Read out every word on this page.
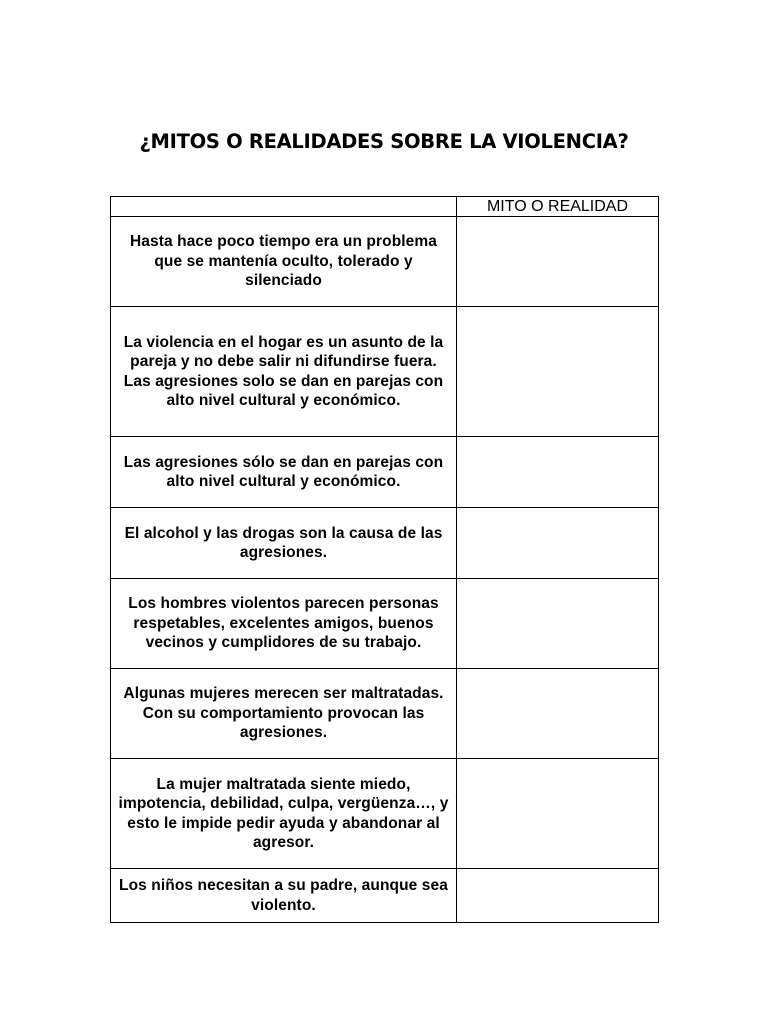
¿MITOS O REALIDADES SOBRE LA VIOLENCIA?
	MITO O REALIDAD
Hasta hace poco tiempo era un problema que se mantenía oculto, tolerado y silenciado	
La violencia en el hogar es un asunto de la pareja y no debe salir ni difundirse fuera. Las agresiones solo se dan en parejas con alto nivel cultural y económico.	
Las agresiones sólo se dan en parejas con alto nivel cultural y económico.	
El alcohol y las drogas son la causa de las agresiones.	
Los hombres violentos parecen personas respetables, excelentes amigos, buenos vecinos y cumplidores de su trabajo.	
Algunas mujeres merecen ser maltratadas. Con su comportamiento provocan las agresiones.	
La mujer maltratada siente miedo, impotencia, debilidad, culpa, vergüenza…, y esto le impide pedir ayuda y abandonar al agresor.	
Los niños necesitan a su padre, aunque sea violento.	
